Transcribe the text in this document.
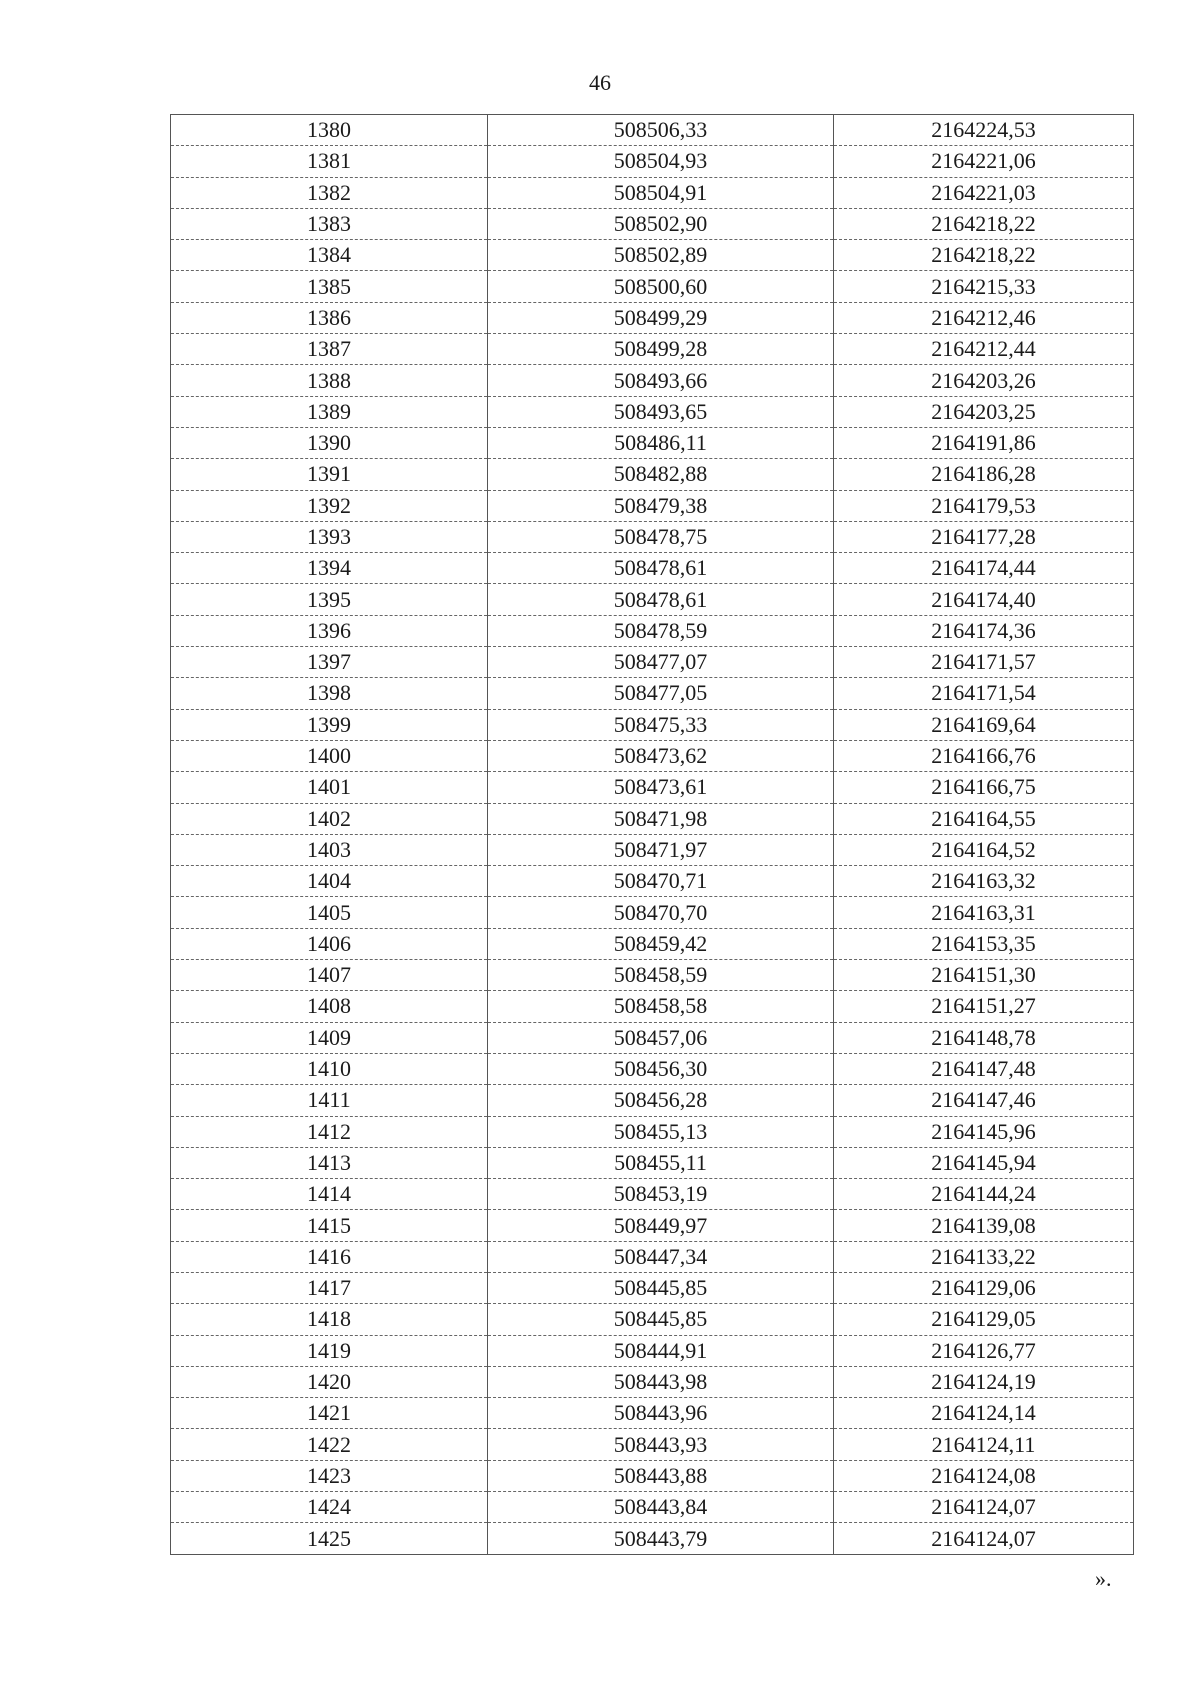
46
1380	508506,33	2164224,53
1381	508504,93	2164221,06
1382	508504,91	2164221,03
1383	508502,90	2164218,22
1384	508502,89	2164218,22
1385	508500,60	2164215,33
1386	508499,29	2164212,46
1387	508499,28	2164212,44
1388	508493,66	2164203,26
1389	508493,65	2164203,25
1390	508486,11	2164191,86
1391	508482,88	2164186,28
1392	508479,38	2164179,53
1393	508478,75	2164177,28
1394	508478,61	2164174,44
1395	508478,61	2164174,40
1396	508478,59	2164174,36
1397	508477,07	2164171,57
1398	508477,05	2164171,54
1399	508475,33	2164169,64
1400	508473,62	2164166,76
1401	508473,61	2164166,75
1402	508471,98	2164164,55
1403	508471,97	2164164,52
1404	508470,71	2164163,32
1405	508470,70	2164163,31
1406	508459,42	2164153,35
1407	508458,59	2164151,30
1408	508458,58	2164151,27
1409	508457,06	2164148,78
1410	508456,30	2164147,48
1411	508456,28	2164147,46
1412	508455,13	2164145,96
1413	508455,11	2164145,94
1414	508453,19	2164144,24
1415	508449,97	2164139,08
1416	508447,34	2164133,22
1417	508445,85	2164129,06
1418	508445,85	2164129,05
1419	508444,91	2164126,77
1420	508443,98	2164124,19
1421	508443,96	2164124,14
1422	508443,93	2164124,11
1423	508443,88	2164124,08
1424	508443,84	2164124,07
1425	508443,79	2164124,07
».
